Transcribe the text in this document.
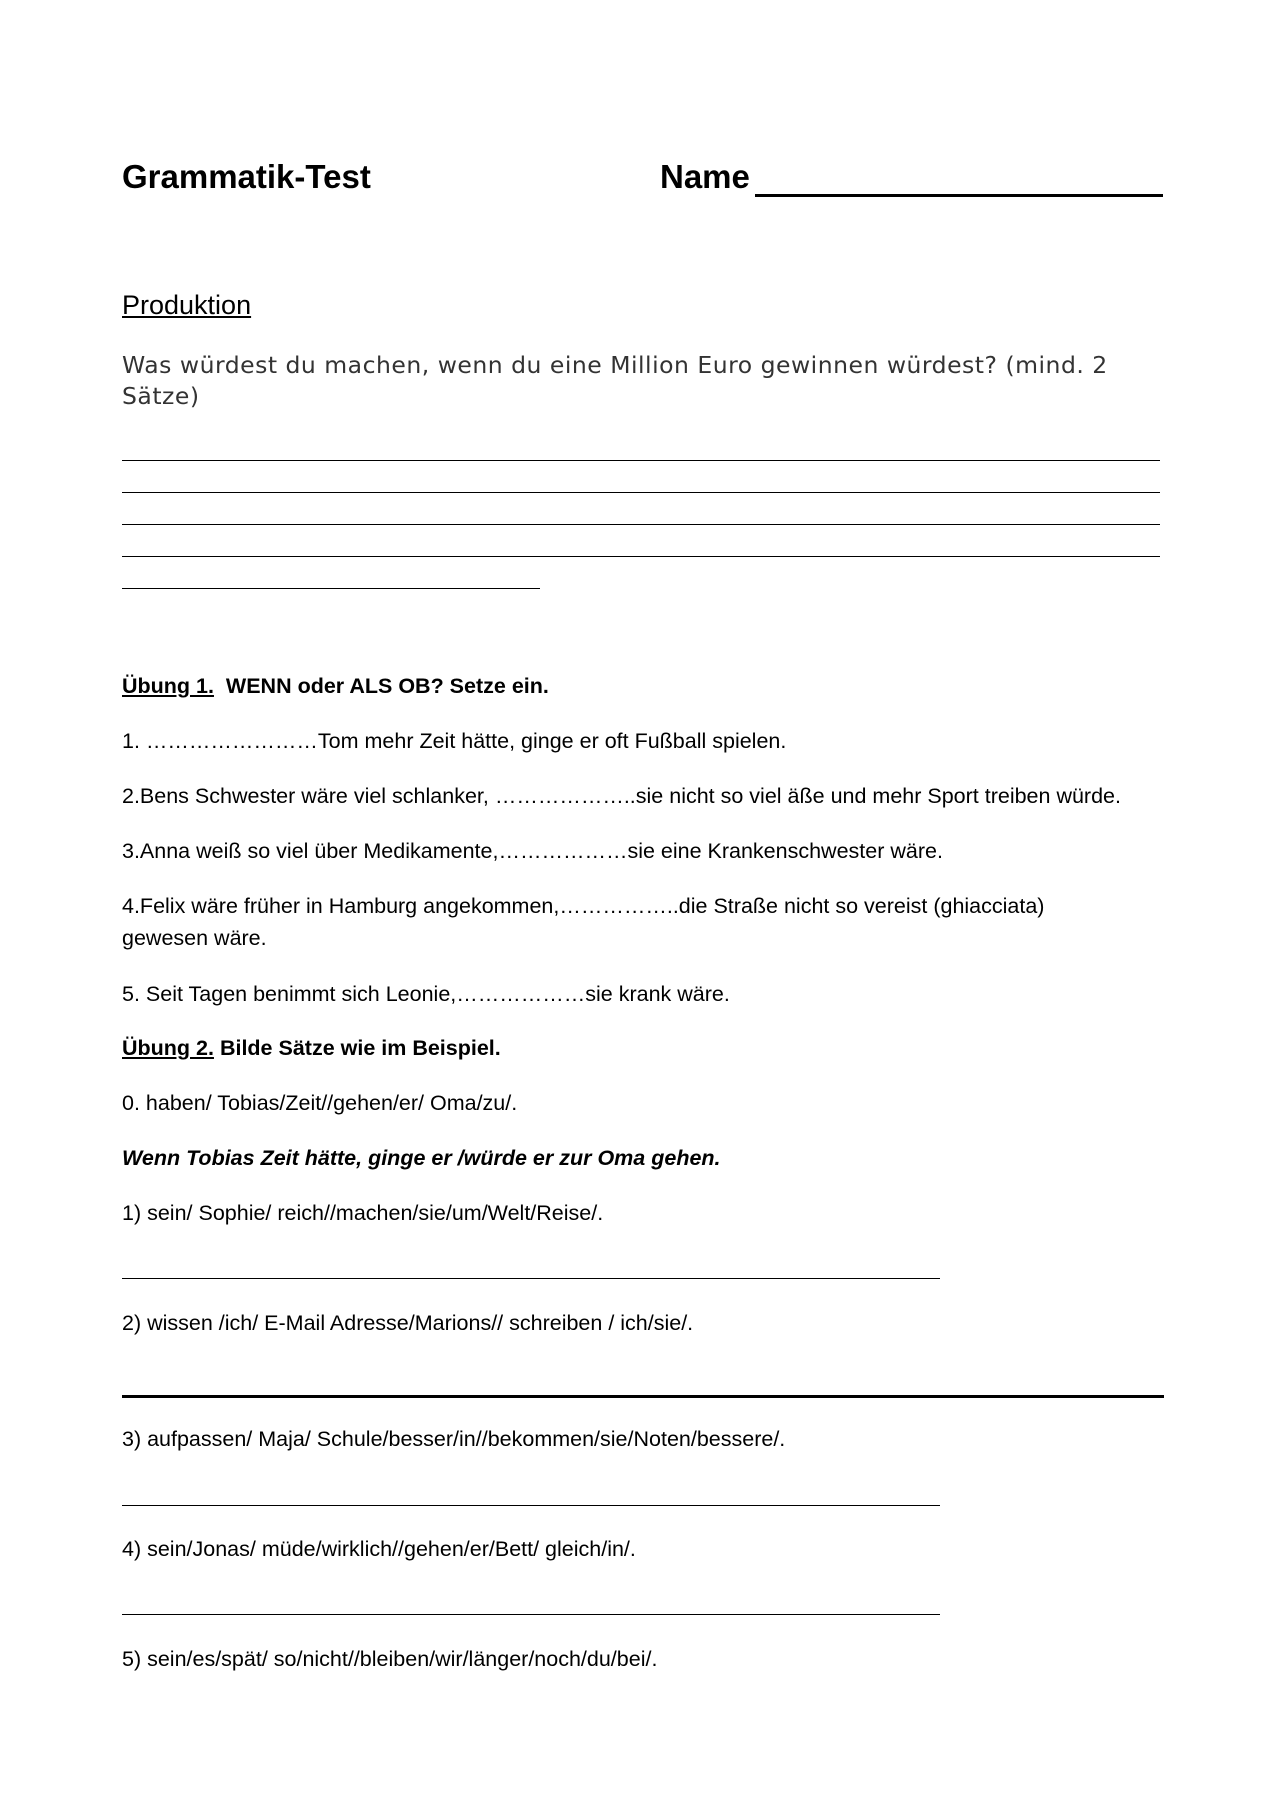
Grammatik-Test	Name

Produktion

Was würdest du machen, wenn du eine Million Euro gewinnen würdest? (mind. 2 Sätze)

Übung 1. WENN oder ALS OB? Setze ein.

1. ……………………Tom mehr Zeit hätte, ginge er oft Fußball spielen.

2.Bens Schwester wäre viel schlanker, ………………..sie nicht so viel äße und mehr Sport treiben würde.

3.Anna weiß so viel über Medikamente,………………sie eine Krankenschwester wäre.

4.Felix wäre früher in Hamburg angekommen,……………..die Straße nicht so vereist (ghiacciata) gewesen wäre.

5. Seit Tagen benimmt sich Leonie,………………sie krank wäre.

Übung 2. Bilde Sätze wie im Beispiel.

0. haben/ Tobias/Zeit//gehen/er/ Oma/zu/.

Wenn Tobias Zeit hätte, ginge er /würde er zur Oma gehen.

1) sein/ Sophie/ reich//machen/sie/um/Welt/Reise/.

2) wissen /ich/ E-Mail Adresse/Marions// schreiben / ich/sie/.

3) aufpassen/ Maja/ Schule/besser/in//bekommen/sie/Noten/bessere/.

4) sein/Jonas/ müde/wirklich//gehen/er/Bett/ gleich/in/.

5) sein/es/spät/ so/nicht//bleiben/wir/länger/noch/du/bei/.
